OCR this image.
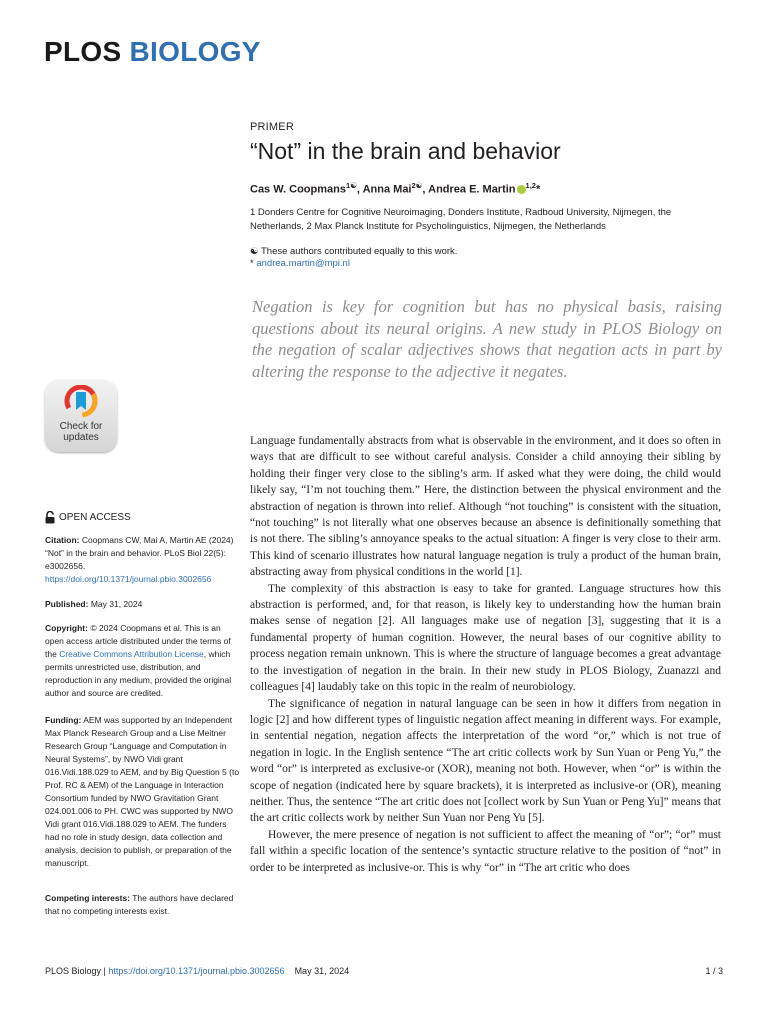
PLOS BIOLOGY
PRIMER
“Not” in the brain and behavior
Cas W. Coopmans$^{1☯}$, Anna Mai$^{2☯}$, Andrea E. Martin $^{1,2}$*
1 Donders Centre for Cognitive Neuroimaging, Donders Institute, Radboud University, Nijmegen, the Netherlands, 2 Max Planck Institute for Psycholinguistics, Nijmegen, the Netherlands
☯ These authors contributed equally to this work.
* andrea.martin@mpi.nl
Negation is key for cognition but has no physical basis, raising questions about its neural origins. A new study in PLOS Biology on the negation of scalar adjectives shows that negation acts in part by altering the response to the adjective it negates.
Check for
updates
OPEN ACCESS
Citation: Coopmans CW, Mai A, Martin AE (2024) “Not” in the brain and behavior. PLoS Biol 22(5): e3002656. https://doi.org/10.1371/journal.pbio.3002656
Published: May 31, 2024
Copyright: © 2024 Coopmans et al. This is an open access article distributed under the terms of the Creative Commons Attribution License, which permits unrestricted use, distribution, and reproduction in any medium, provided the original author and source are credited.
Funding: AEM was supported by an Independent Max Planck Research Group and a Lise Meitner Research Group “Language and Computation in Neural Systems”, by NWO Vidi grant 016.Vidi.188.029 to AEM, and by Big Question 5 (to Prof. RC & AEM) of the Language in Interaction Consortium funded by NWO Gravitation Grant 024.001.006 to PH. CWC was supported by NWO Vidi grant 016.Vidi.188.029 to AEM. The funders had no role in study design, data collection and analysis, decision to publish, or preparation of the manuscript.
Competing interests: The authors have declared that no competing interests exist.

Language fundamentally abstracts from what is observable in the environment, and it does so often in ways that are difficult to see without careful analysis. Consider a child annoying their sibling by holding their finger very close to the sibling’s arm. If asked what they were doing, the child would likely say, “I’m not touching them.” Here, the distinction between the physical environment and the abstraction of negation is thrown into relief. Although “not touching” is consistent with the situation, “not touching” is not literally what one observes because an absence is definitionally something that is not there. The sibling’s annoyance speaks to the actual situation: A finger is very close to their arm. This kind of scenario illustrates how natural language negation is truly a product of the human brain, abstracting away from physical conditions in the world [1].

The complexity of this abstraction is easy to take for granted. Language structures how this abstraction is performed, and, for that reason, is likely key to understanding how the human brain makes sense of negation [2]. All languages make use of negation [3], suggesting that it is a fundamental property of human cognition. However, the neural bases of our cognitive ability to process negation remain unknown. This is where the structure of language becomes a great advantage to the investigation of negation in the brain. In their new study in PLOS Biology, Zuanazzi and colleagues [4] laudably take on this topic in the realm of neurobiology.

The significance of negation in natural language can be seen in how it differs from negation in logic [2] and how different types of linguistic negation affect meaning in different ways. For example, in sentential negation, negation affects the interpretation of the word “or,” which is not true of negation in logic. In the English sentence “The art critic collects work by Sun Yuan or Peng Yu,” the word “or” is interpreted as exclusive-or (XOR), meaning not both. However, when “or” is within the scope of negation (indicated here by square brackets), it is interpreted as inclusive-or (OR), meaning neither. Thus, the sentence “The art critic does not [collect work by Sun Yuan or Peng Yu]” means that the art critic collects work by neither Sun Yuan nor Peng Yu [5].

However, the mere presence of negation is not sufficient to affect the meaning of “or”; “or” must fall within a specific location of the sentence’s syntactic structure relative to the position of “not” in order to be interpreted as inclusive-or. This is why “or” in “The art critic who does

PLOS Biology | https://doi.org/10.1371/journal.pbio.3002656 May 31, 2024	1 / 3
